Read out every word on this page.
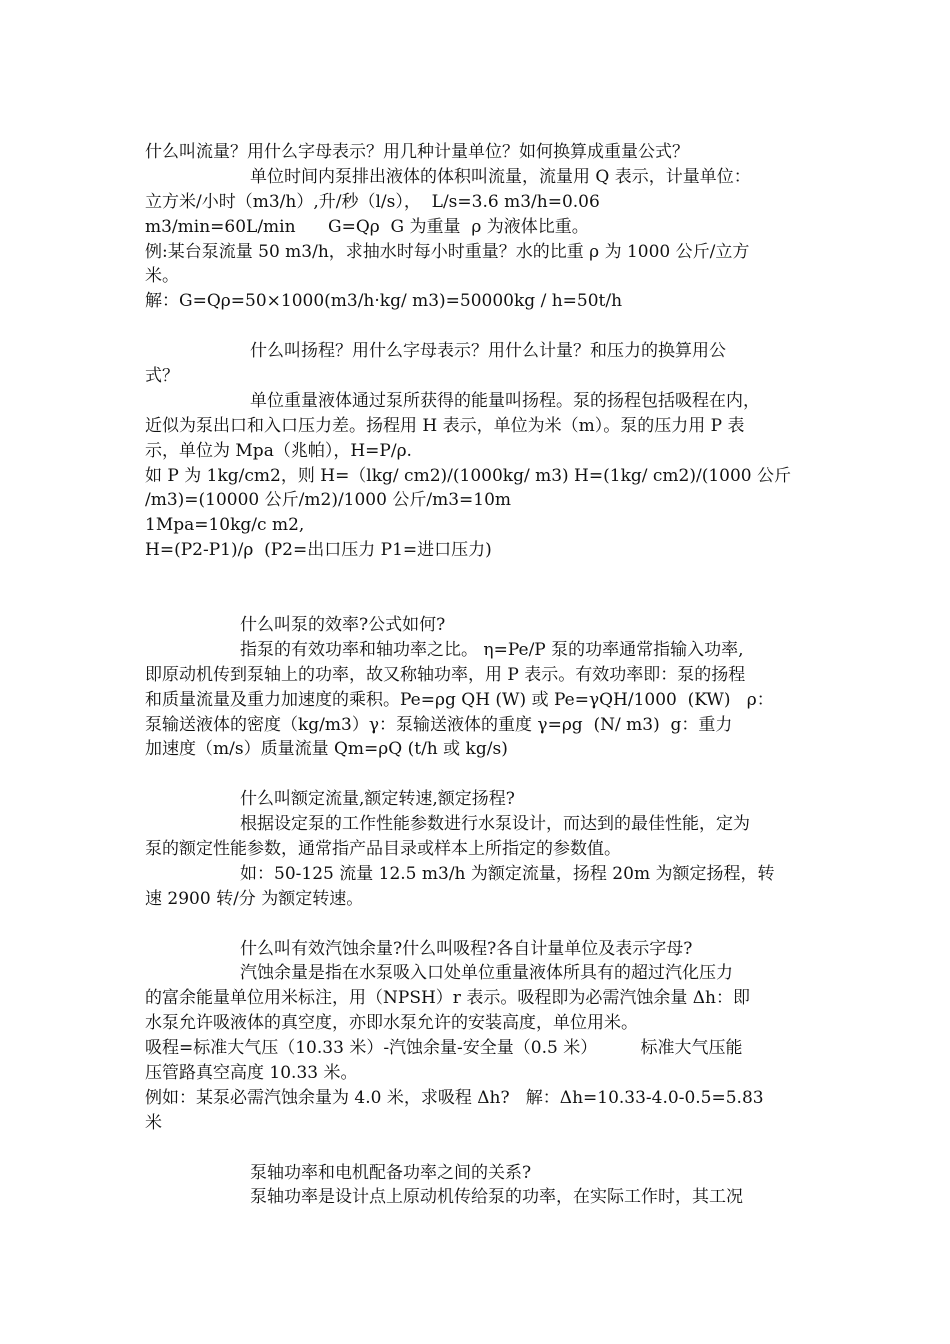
什么叫流量？用什么字母表示？用几种计量单位？如何换算成重量公式？
单位时间内泵排出液体的体积叫流量，流量用 Q 表示，计量单位：
立方米/小时（m3/h）,升/秒（l/s），  L/s=3.6 m3/h=0.06
m3/min=60L/min      G=Qρ  G 为重量  ρ 为液体比重。
例:某台泵流量 50 m3/h，求抽水时每小时重量？水的比重 ρ 为 1000 公斤/立方
米。
解：G=Qρ=50×1000(m3/h·kg/ m3)=50000kg / h=50t/h
什么叫扬程？用什么字母表示？用什么计量？和压力的换算用公
式？
单位重量液体通过泵所获得的能量叫扬程。泵的扬程包括吸程在内，
近似为泵出口和入口压力差。扬程用 H 表示，单位为米（m）。泵的压力用 P 表
示，单位为 Mpa（兆帕），H=P/ρ.
如 P 为 1kg/cm2，则 H=（lkg/ cm2)/(1000kg/ m3) H=(1kg/ cm2)/(1000 公斤
/m3)=(10000 公斤/m2)/1000 公斤/m3=10m
1Mpa=10kg/c m2,
H=(P2-P1)/ρ  (P2=出口压力 P1=进口压力)
什么叫泵的效率?公式如何?
指泵的有效功率和轴功率之比。 η=Pe/P 泵的功率通常指输入功率,
即原动机传到泵轴上的功率，故又称轴功率，用 P 表示。有效功率即：泵的扬程
和质量流量及重力加速度的乘积。Pe=ρg QH (W) 或 Pe=γQH/1000  (KW)   ρ：
泵输送液体的密度（kg/m3）γ：泵输送液体的重度 γ=ρg  (N/ m3)  g：重力
加速度（m/s）质量流量 Qm=ρQ (t/h 或 kg/s)
什么叫额定流量,额定转速,额定扬程?
根据设定泵的工作性能参数进行水泵设计，而达到的最佳性能，定为
泵的额定性能参数，通常指产品目录或样本上所指定的参数值。
如：50-125 流量 12.5 m3/h 为额定流量，扬程 20m 为额定扬程，转
速 2900 转/分 为额定转速。
什么叫有效汽蚀余量?什么叫吸程?各自计量单位及表示字母?
汽蚀余量是指在水泵吸入口处单位重量液体所具有的超过汽化压力
的富余能量单位用米标注，用（NPSH）r 表示。吸程即为必需汽蚀余量 Δh：即
水泵允许吸液体的真空度，亦即水泵允许的安装高度，单位用米。
吸程=标准大气压（10.33 米）-汽蚀余量-安全量（0.5 米）        标准大气压能
压管路真空高度 10.33 米。
例如：某泵必需汽蚀余量为 4.0 米，求吸程 Δh?   解：Δh=10.33-4.0-0.5=5.83
米
泵轴功率和电机配备功率之间的关系?
泵轴功率是设计点上原动机传给泵的功率，在实际工作时，其工况
